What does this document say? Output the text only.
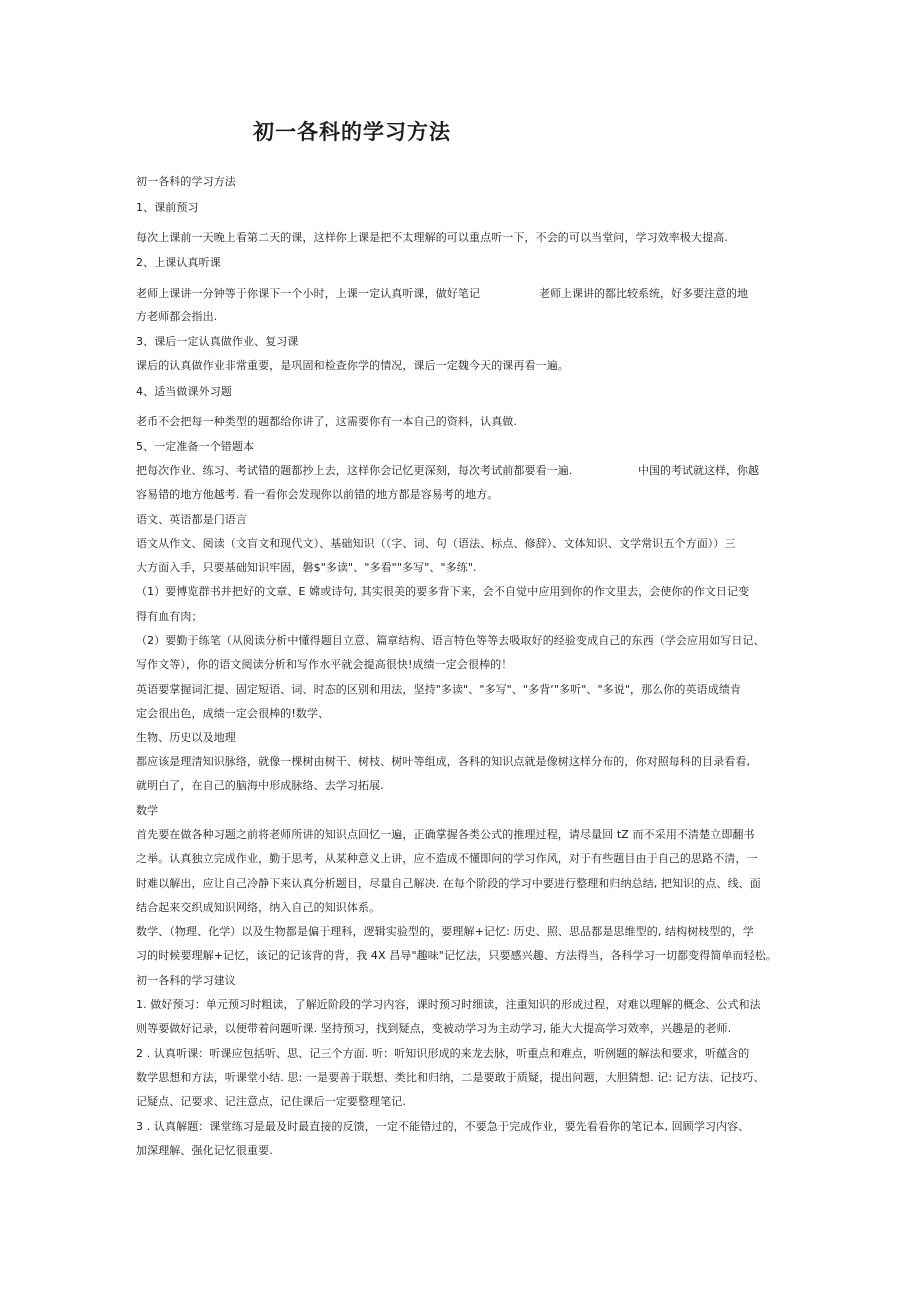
初一各科的学习方法
初一各科的学习方法
1、课前预习
每次上课前一天晚上看第二天的课，这样你上课是把不太理解的可以重点听一下，不会的可以当堂问，学习效率极大提高.
2、上课认真听课
老师上课讲一分钟等于你课下一个小时，上课一定认真听课，做好笔记	老师上课讲的都比较系统，好多要注意的地
方老师都会指出.
3、课后一定认真做作业、复习课
课后的认真做作业非常重要，是巩固和检查你学的情况，课后一定魏今天的课再看一遍。
4、适当做课外习题
老币不会把每一种类型的题都给你讲了，这需要你有一本自己的资料，认真做.
5、一定准备一个错题本
把每次作业、练习、考试错的题都抄上去，这样你会记忆更深刻，每次考试前都要看一遍.	中国的考试就这样，你越
容易错的地方他越考. 看一看你会发现你以前错的地方都是容易考的地方。
语文、英语都是门语言
语文从作文、阅读（文盲文和现代文）、基础知识（（字、词、句（语法、标点、修辞）、文体知识、文学常识五个方面））三
大方面入手，只要基础知识牢固，磐$"多读"、"多看""多写"、"多练".
（1）要博览群书并把好的文章、E 嫦或诗句, 其实很美的要多背下来，会不自觉中应用到你的作文里去，会使你的作文日记变
得有血有肉；
（2）要勤于练笔（从阅读分析中懂得题目立意、篇章结构、语言特色等等去吸取好的经验变成自己的东西（学会应用如写日记、
写作文等），你的语文阅读分析和写作水平就会提高很快!成绩一定会很棒的！
英语要掌握词汇提、固定短语、词、时态的区别和用法，坚持"多读"、"多写"、"多背‘"多听"、"多说"，那么你的英语成绩肯
定会很出色，成绩一定会很棒的!数学、
生物、历史以及地理
都应该是理清知识脉络，就像一棵树由树干、树枝、树叶等组成，各科的知识点就是像树这样分布的，你对照每科的目录看看,
就明白了，在自己的脑海中形成脉络、去学习拓展.
数学
首先要在做各种习题之前将老师所讲的知识点回忆一遍，正确掌握各类公式的推理过程，请尽量回 tZ 而不采用不清楚立即翻书
之举。认真独立完成作业，勤于思考，从某种意义上讲，应不造成不懂即问的学习作风，对于有些题目由于自己的思路不清，一
时难以解出，应让自己冷静下来认真分析题目，尽量自己解决. 在每个阶段的学习中要进行整理和归纳总结, 把知识的点、线、面
结合起来交织成知识网络，纳入自己的知识体系。
数学、（物理、化学）以及生物都是偏于理科，逻辑实验型的，要理解+记忆: 历史、照、思品都是思维型的, 结构树枝型的，学
习的时候要理解+记忆，该记的记该背的背，我 4X 昌导"趣味"记忆法，只要感兴趣、方法得当，各科学习一切都变得简单而轻松。
初一各科的学习建议
1. 做好预习：单元预习时粗读，了解近阶段的学习内容，课时预习时细读，注重知识的形成过程，对难以理解的概念、公式和法
则等要做好记录，以便带着问题听课. 坚持预习，找到疑点，变被动学习为主动学习, 能大大提高学习效率，兴趣是的老师.
2 . 认真听课：听课应包括听、思、记三个方面. 听：听知识形成的来龙去脉，听重点和难点，听例题的解法和要求，听蕴含的
数学思想和方法，听课堂小结. 思: 一是要善于联想、类比和归纳，二是要敢于质疑，提出问题，大胆猜想. 记: 记方法、记技巧、
记疑点、记要求、记注意点，记住课后一定要整理笔记.
3 . 认真解题：课堂练习是最及时最直接的反馈，一定不能错过的，不要急于完成作业，要先看看你的笔记本, 回顾学习内容、
加深理解、强化记忆很重要.
